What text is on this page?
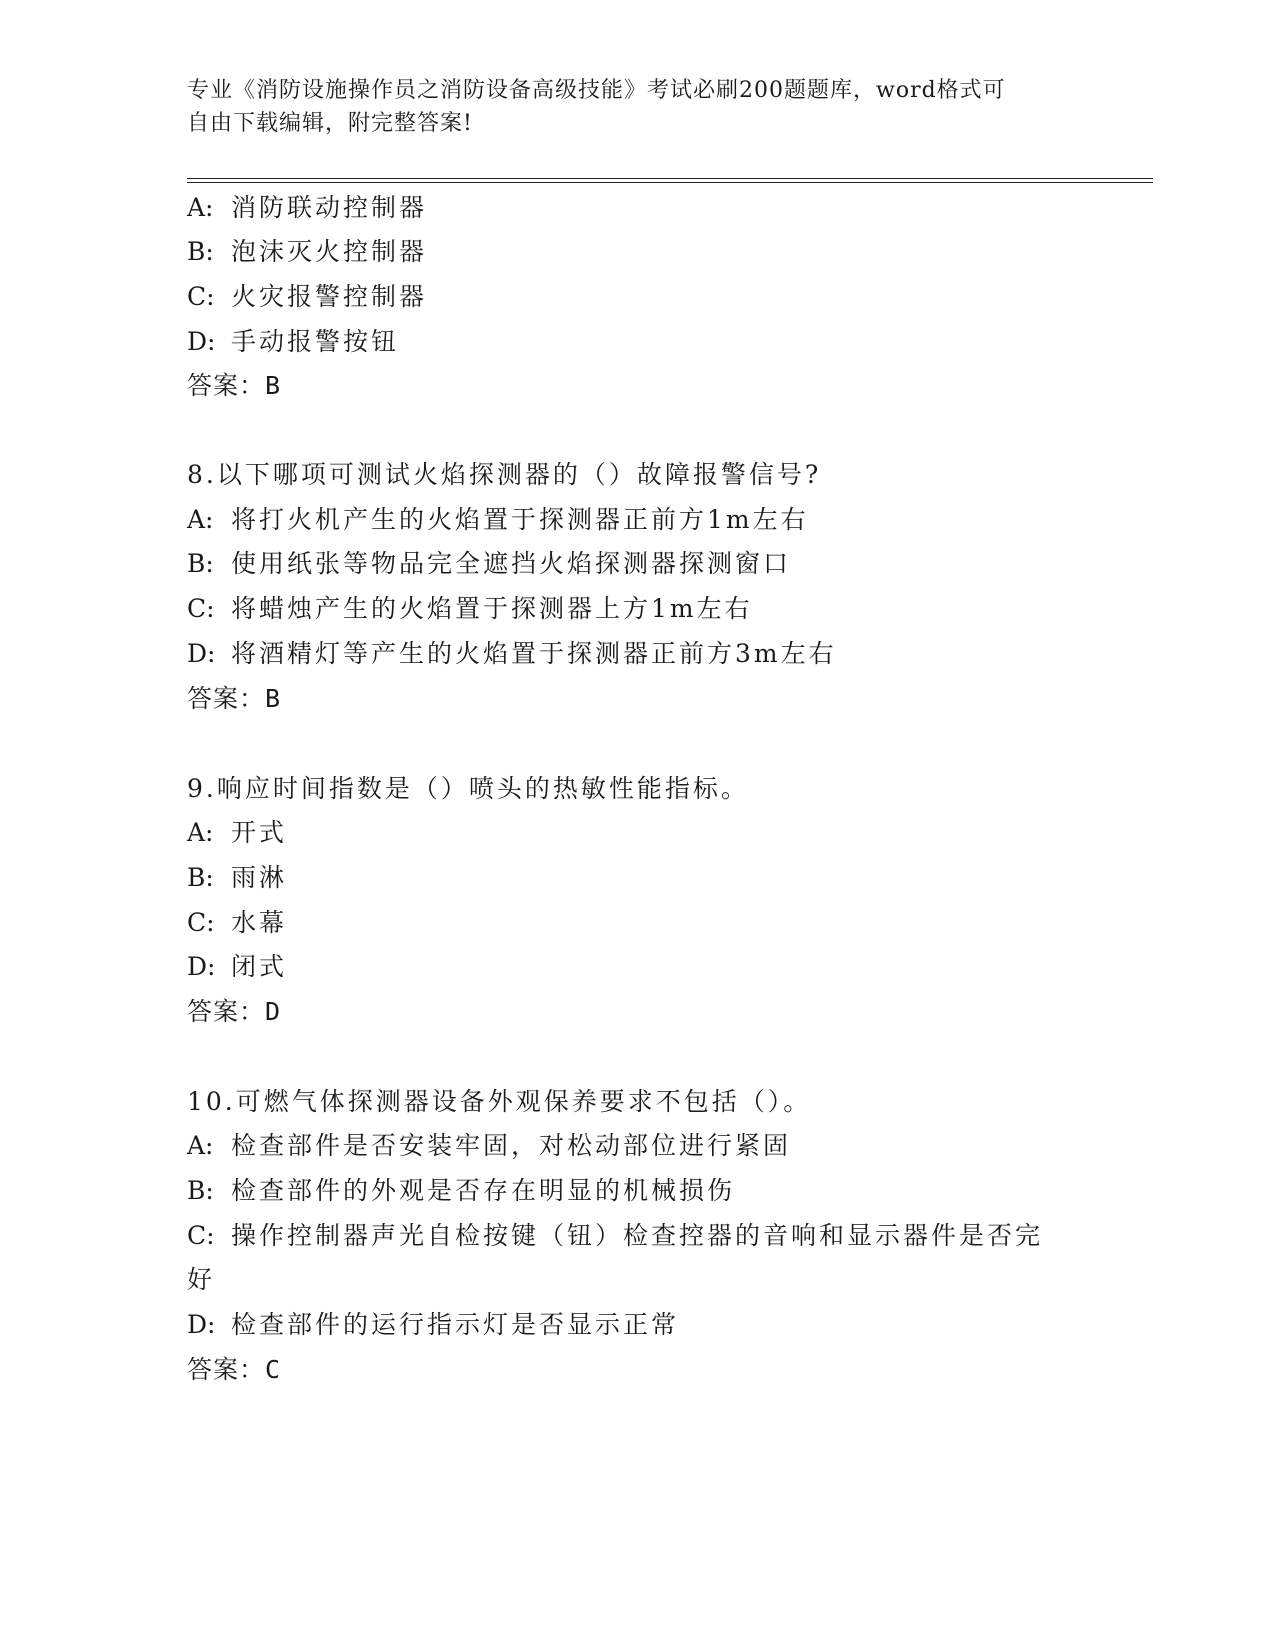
专业《消防设施操作员之消防设备高级技能》考试必刷200题题库，word格式可
自由下载编辑，附完整答案!
A: 消防联动控制器
B: 泡沫灭火控制器
C: 火灾报警控制器
D: 手动报警按钮
答案：B
8.以下哪项可测试火焰探测器的（）故障报警信号?
A: 将打火机产生的火焰置于探测器正前方1m左右
B: 使用纸张等物品完全遮挡火焰探测器探测窗口
C: 将蜡烛产生的火焰置于探测器上方1m左右
D: 将酒精灯等产生的火焰置于探测器正前方3m左右
答案：B
9.响应时间指数是（）喷头的热敏性能指标。
A: 开式
B: 雨淋
C: 水幕
D: 闭式
答案：D
10.可燃气体探测器设备外观保养要求不包括（）。
A: 检查部件是否安装牢固，对松动部位进行紧固
B: 检查部件的外观是否存在明显的机械损伤
C: 操作控制器声光自检按键（钮）检查控器的音响和显示器件是否完
好
D: 检查部件的运行指示灯是否显示正常
答案：C
